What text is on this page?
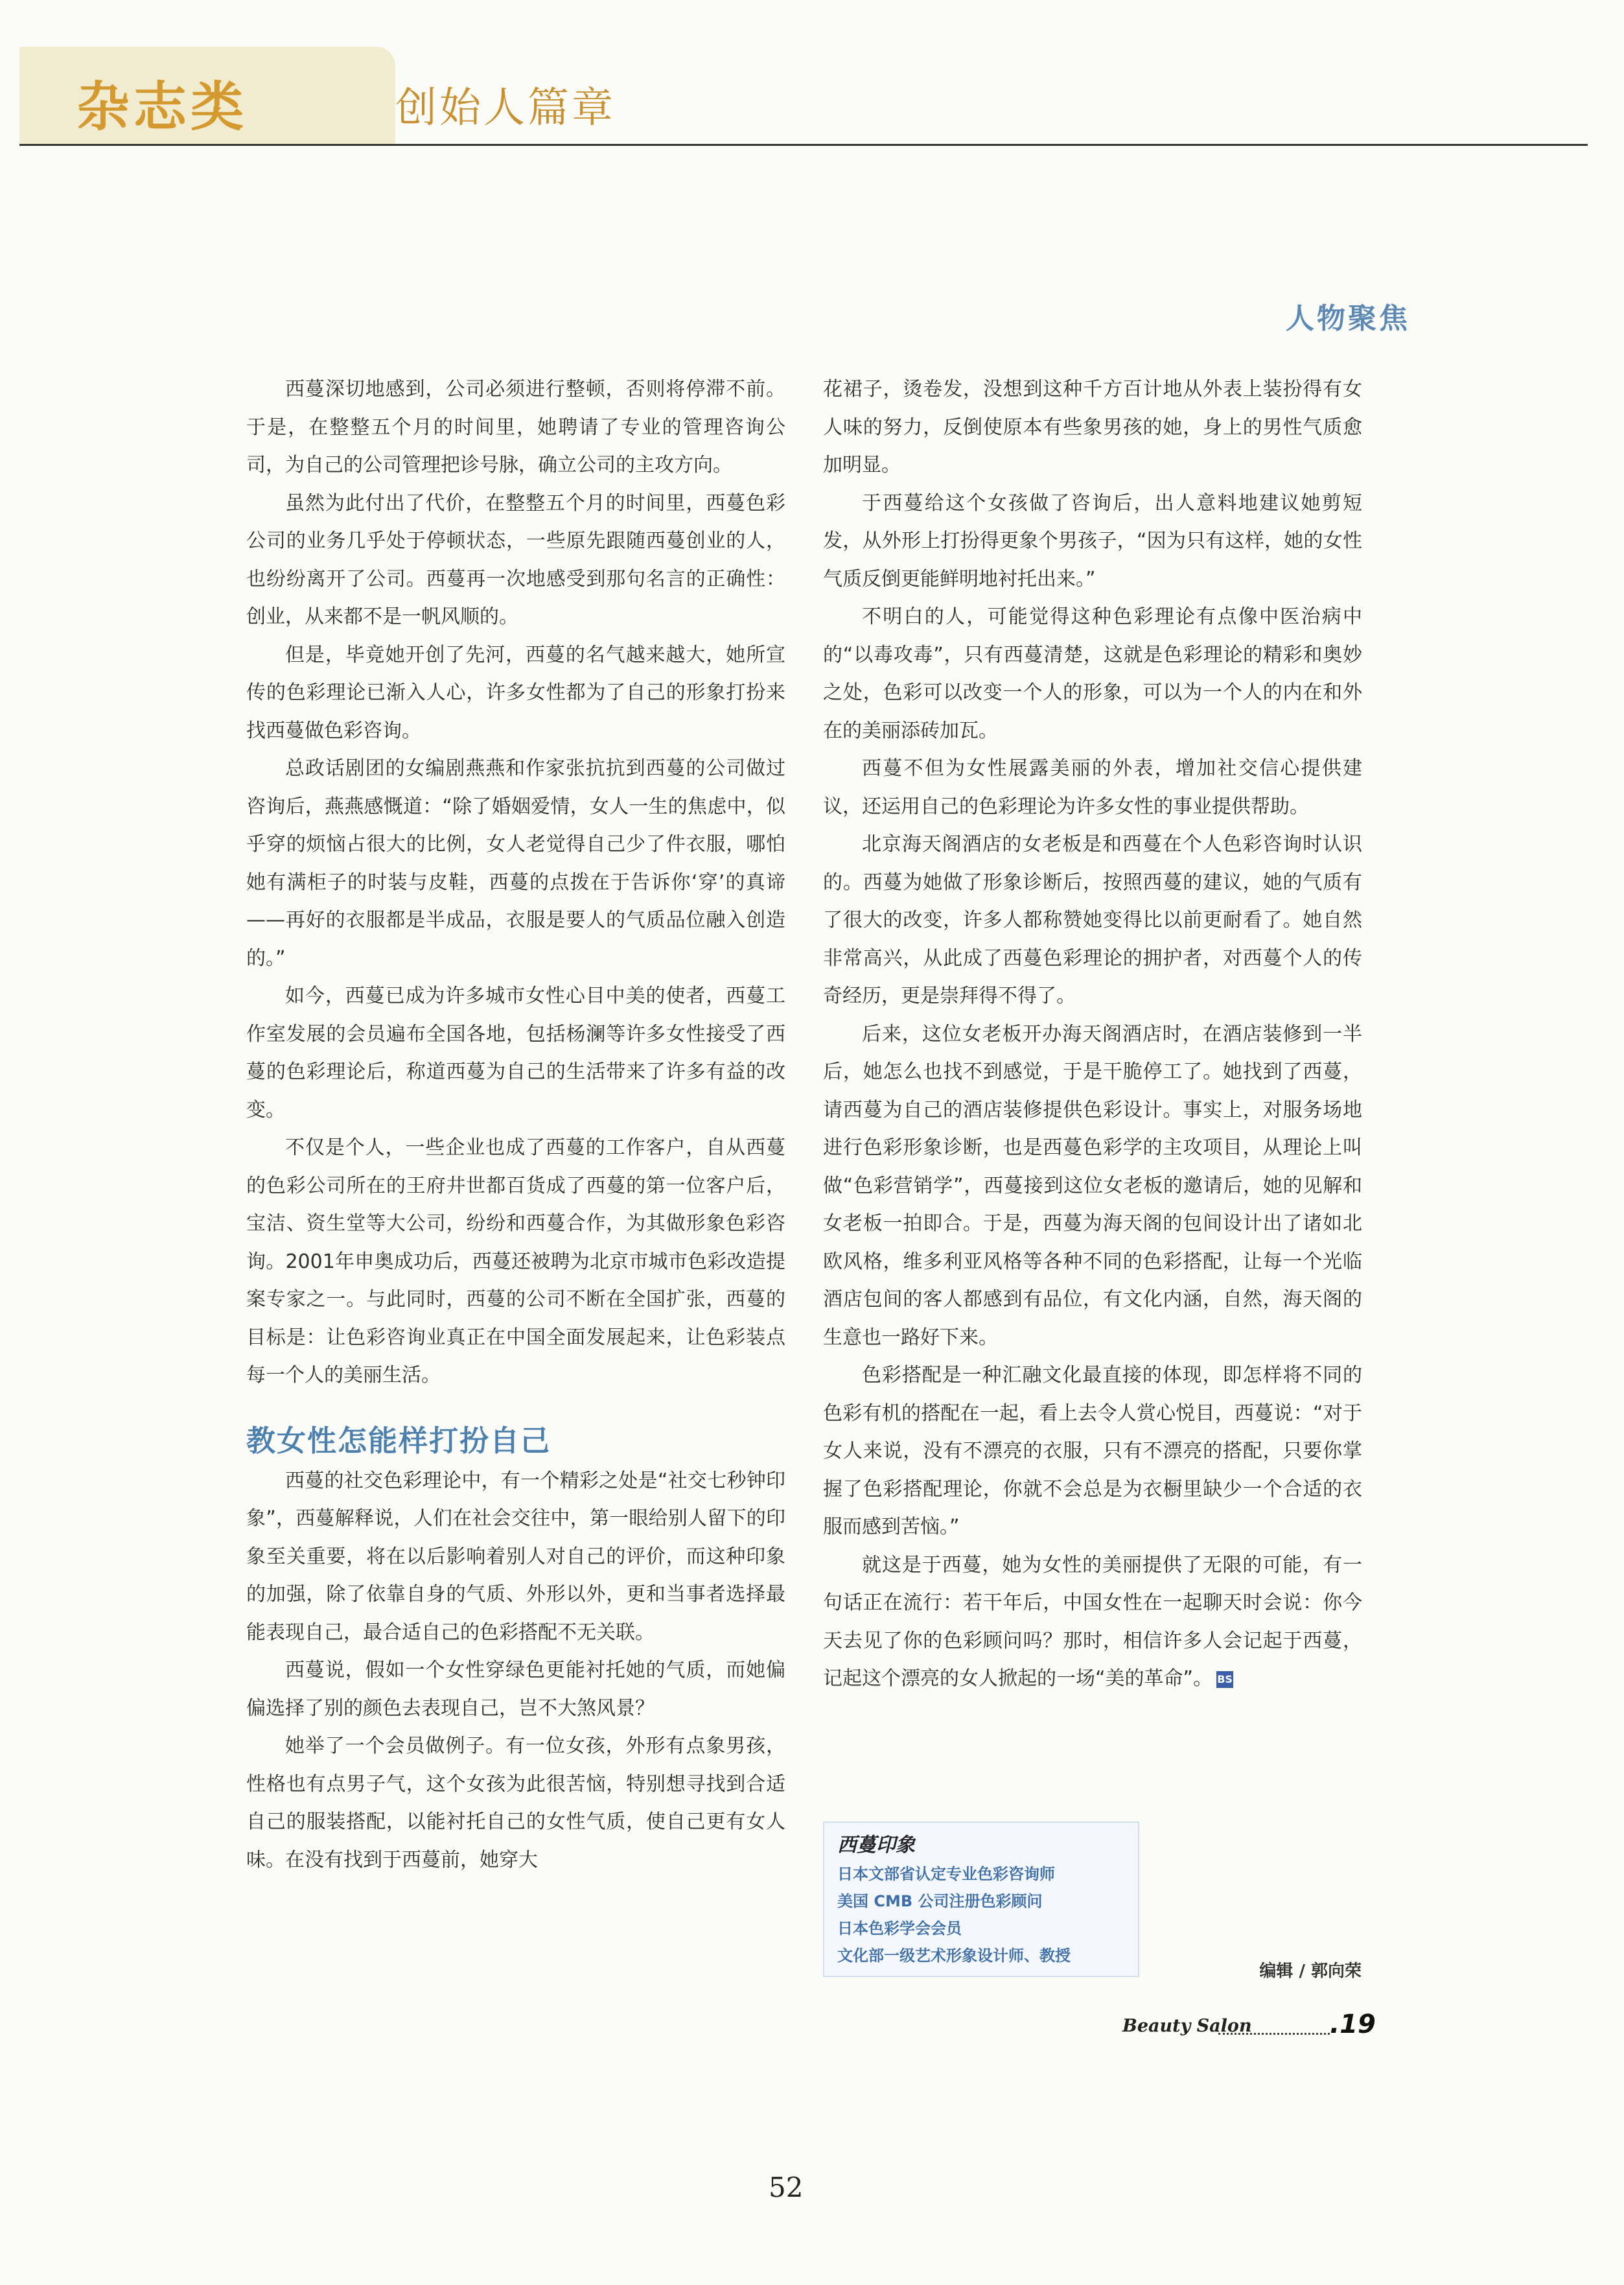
杂志类	创始人篇章
人物聚焦

西蔓深切地感到，公司必须进行整顿，否则将停滞不前。于是，在整整五个月的时间里，她聘请了专业的管理咨询公司，为自己的公司管理把诊号脉，确立公司的主攻方向。

虽然为此付出了代价，在整整五个月的时间里，西蔓色彩公司的业务几乎处于停顿状态，一些原先跟随西蔓创业的人，也纷纷离开了公司。西蔓再一次地感受到那句名言的正确性：创业，从来都不是一帆风顺的。

但是，毕竟她开创了先河，西蔓的名气越来越大，她所宣传的色彩理论已渐入人心，许多女性都为了自己的形象打扮来找西蔓做色彩咨询。

总政话剧团的女编剧燕燕和作家张抗抗到西蔓的公司做过咨询后，燕燕感慨道：“除了婚姻爱情，女人一生的焦虑中，似乎穿的烦恼占很大的比例，女人老觉得自己少了件衣服，哪怕她有满柜子的时装与皮鞋，西蔓的点拨在于告诉你‘穿’的真谛——再好的衣服都是半成品，衣服是要人的气质品位融入创造的。”

如今，西蔓已成为许多城市女性心目中美的使者，西蔓工作室发展的会员遍布全国各地，包括杨澜等许多女性接受了西蔓的色彩理论后，称道西蔓为自己的生活带来了许多有益的改变。

不仅是个人，一些企业也成了西蔓的工作客户，自从西蔓的色彩公司所在的王府井世都百货成了西蔓的第一位客户后，宝洁、资生堂等大公司，纷纷和西蔓合作，为其做形象色彩咨询。2001年申奥成功后，西蔓还被聘为北京市城市色彩改造提案专家之一。与此同时，西蔓的公司不断在全国扩张，西蔓的目标是：让色彩咨询业真正在中国全面发展起来，让色彩装点每一个人的美丽生活。

教女性怎能样打扮自己

西蔓的社交色彩理论中，有一个精彩之处是“社交七秒钟印象”，西蔓解释说，人们在社会交往中，第一眼给别人留下的印象至关重要，将在以后影响着别人对自己的评价，而这种印象的加强，除了依靠自身的气质、外形以外，更和当事者选择最能表现自己，最合适自己的色彩搭配不无关联。

西蔓说，假如一个女性穿绿色更能衬托她的气质，而她偏偏选择了别的颜色去表现自己，岂不大煞风景？

她举了一个会员做例子。有一位女孩，外形有点象男孩，性格也有点男子气，这个女孩为此很苦恼，特别想寻找到合适自己的服装搭配，以能衬托自己的女性气质，使自己更有女人味。在没有找到于西蔓前，她穿大

花裙子，烫卷发，没想到这种千方百计地从外表上装扮得有女人味的努力，反倒使原本有些象男孩的她，身上的男性气质愈加明显。

于西蔓给这个女孩做了咨询后，出人意料地建议她剪短发，从外形上打扮得更象个男孩子，“因为只有这样，她的女性气质反倒更能鲜明地衬托出来。”

不明白的人，可能觉得这种色彩理论有点像中医治病中的“以毒攻毒”，只有西蔓清楚，这就是色彩理论的精彩和奥妙之处，色彩可以改变一个人的形象，可以为一个人的内在和外在的美丽添砖加瓦。

西蔓不但为女性展露美丽的外表，增加社交信心提供建议，还运用自己的色彩理论为许多女性的事业提供帮助。

北京海天阁酒店的女老板是和西蔓在个人色彩咨询时认识的。西蔓为她做了形象诊断后，按照西蔓的建议，她的气质有了很大的改变，许多人都称赞她变得比以前更耐看了。她自然非常高兴，从此成了西蔓色彩理论的拥护者，对西蔓个人的传奇经历，更是崇拜得不得了。

后来，这位女老板开办海天阁酒店时，在酒店装修到一半后，她怎么也找不到感觉，于是干脆停工了。她找到了西蔓，请西蔓为自己的酒店装修提供色彩设计。事实上，对服务场地进行色彩形象诊断，也是西蔓色彩学的主攻项目，从理论上叫做“色彩营销学”，西蔓接到这位女老板的邀请后，她的见解和女老板一拍即合。于是，西蔓为海天阁的包间设计出了诸如北欧风格，维多利亚风格等各种不同的色彩搭配，让每一个光临酒店包间的客人都感到有品位，有文化内涵，自然，海天阁的生意也一路好下来。

色彩搭配是一种汇融文化最直接的体现，即怎样将不同的色彩有机的搭配在一起，看上去令人赏心悦目，西蔓说：“对于女人来说，没有不漂亮的衣服，只有不漂亮的搭配，只要你掌握了色彩搭配理论，你就不会总是为衣橱里缺少一个合适的衣服而感到苦恼。”

就这是于西蔓，她为女性的美丽提供了无限的可能，有一句话正在流行：若干年后，中国女性在一起聊天时会说：你今天去见了你的色彩顾问吗？那时，相信许多人会记起于西蔓，记起这个漂亮的女人掀起的一场“美的革命”。 BS

西蔓印象
日本文部省认定专业色彩咨询师
美国 CMB 公司注册色彩顾问
日本色彩学会会员
文化部一级艺术形象设计师、教授
编辑 / 郭向荣
Beauty Salon	.19
52
